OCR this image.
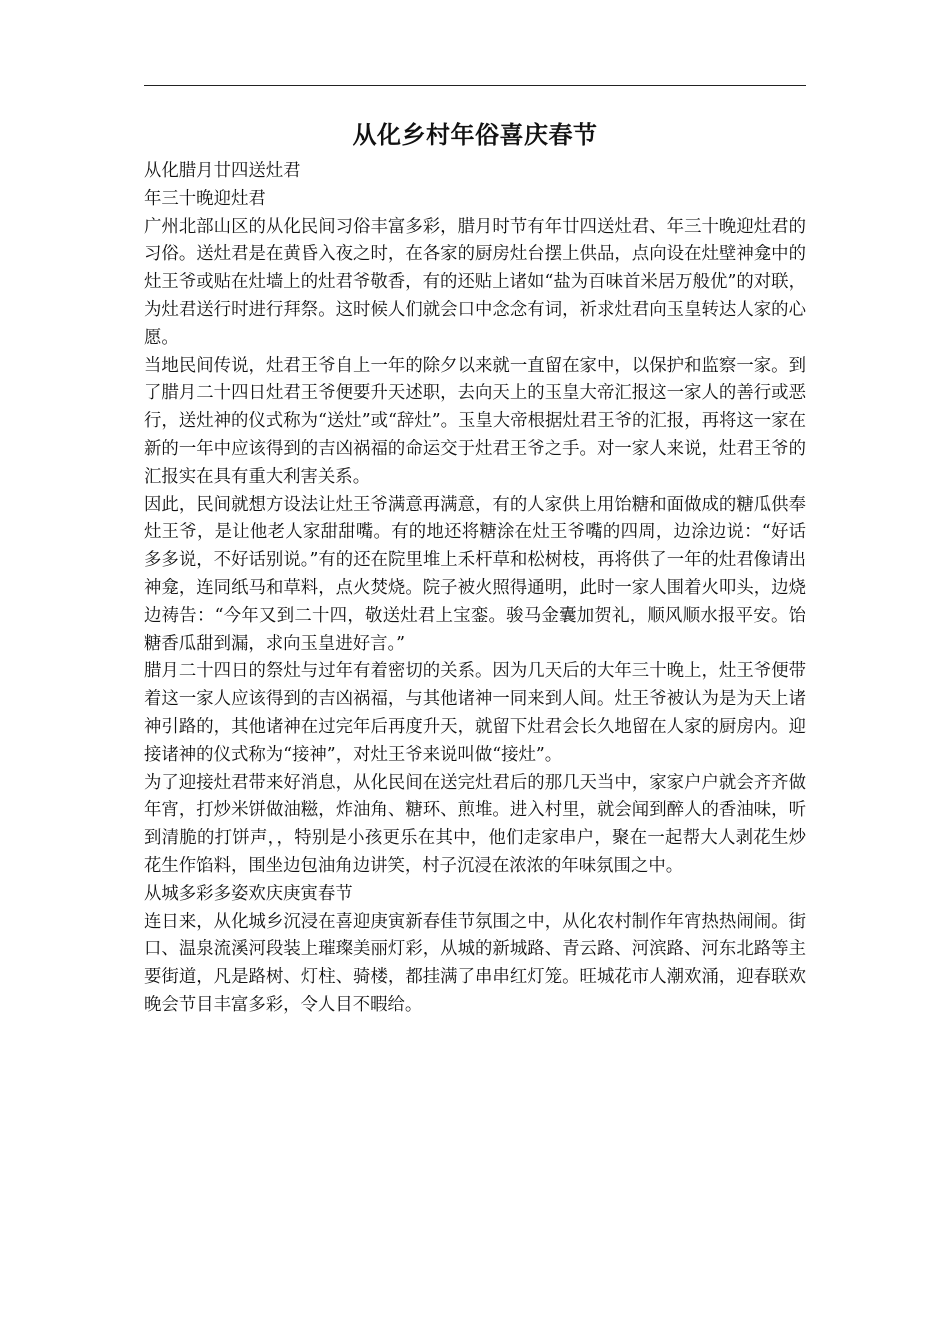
从化乡村年俗喜庆春节

从化腊月廿四送灶君

年三十晚迎灶君

广州北部山区的从化民间习俗丰富多彩，腊月时节有年廿四送灶君、年三十晚迎灶君的习俗。送灶君是在黄昏入夜之时，在各家的厨房灶台摆上供品，点向设在灶壁神龛中的灶王爷或贴在灶墙上的灶君爷敬香，有的还贴上诸如“盐为百味首米居万般优”的对联，为灶君送行时进行拜祭。这时候人们就会口中念念有词，祈求灶君向玉皇转达人家的心愿。

当地民间传说，灶君王爷自上一年的除夕以来就一直留在家中，以保护和监察一家。到了腊月二十四日灶君王爷便要升天述职，去向天上的玉皇大帝汇报这一家人的善行或恶行，送灶神的仪式称为“送灶”或“辞灶”。玉皇大帝根据灶君王爷的汇报，再将这一家在新的一年中应该得到的吉凶祸福的命运交于灶君王爷之手。对一家人来说，灶君王爷的汇报实在具有重大利害关系。

因此，民间就想方设法让灶王爷满意再满意，有的人家供上用饴糖和面做成的糖瓜供奉灶王爷，是让他老人家甜甜嘴。有的地还将糖涂在灶王爷嘴的四周，边涂边说：“好话多多说，不好话别说。”有的还在院里堆上禾杆草和松树枝，再将供了一年的灶君像请出神龛，连同纸马和草料，点火焚烧。院子被火照得通明，此时一家人围着火叩头，边烧边祷告：“今年又到二十四，敬送灶君上宝銮。骏马金囊加贺礼，顺风顺水报平安。饴糖香瓜甜到漏，求向玉皇进好言。”

腊月二十四日的祭灶与过年有着密切的关系。因为几天后的大年三十晚上，灶王爷便带着这一家人应该得到的吉凶祸福，与其他诸神一同来到人间。灶王爷被认为是为天上诸神引路的，其他诸神在过完年后再度升天，就留下灶君会长久地留在人家的厨房内。迎接诸神的仪式称为“接神”，对灶王爷来说叫做“接灶”。

为了迎接灶君带来好消息，从化民间在送完灶君后的那几天当中，家家户户就会齐齐做年宵，打炒米饼做油糍，炸油角、糖环、煎堆。进入村里，就会闻到醉人的香油味，听到清脆的打饼声，，特别是小孩更乐在其中，他们走家串户，聚在一起帮大人剥花生炒花生作馅料，围坐边包油角边讲笑，村子沉浸在浓浓的年味氛围之中。

从城多彩多姿欢庆庚寅春节

连日来，从化城乡沉浸在喜迎庚寅新春佳节氛围之中，从化农村制作年宵热热闹闹。街口、温泉流溪河段装上璀璨美丽灯彩，从城的新城路、青云路、河滨路、河东北路等主要街道，凡是路树、灯柱、骑楼，都挂满了串串红灯笼。旺城花市人潮欢涌，迎春联欢晚会节目丰富多彩，令人目不暇给。
